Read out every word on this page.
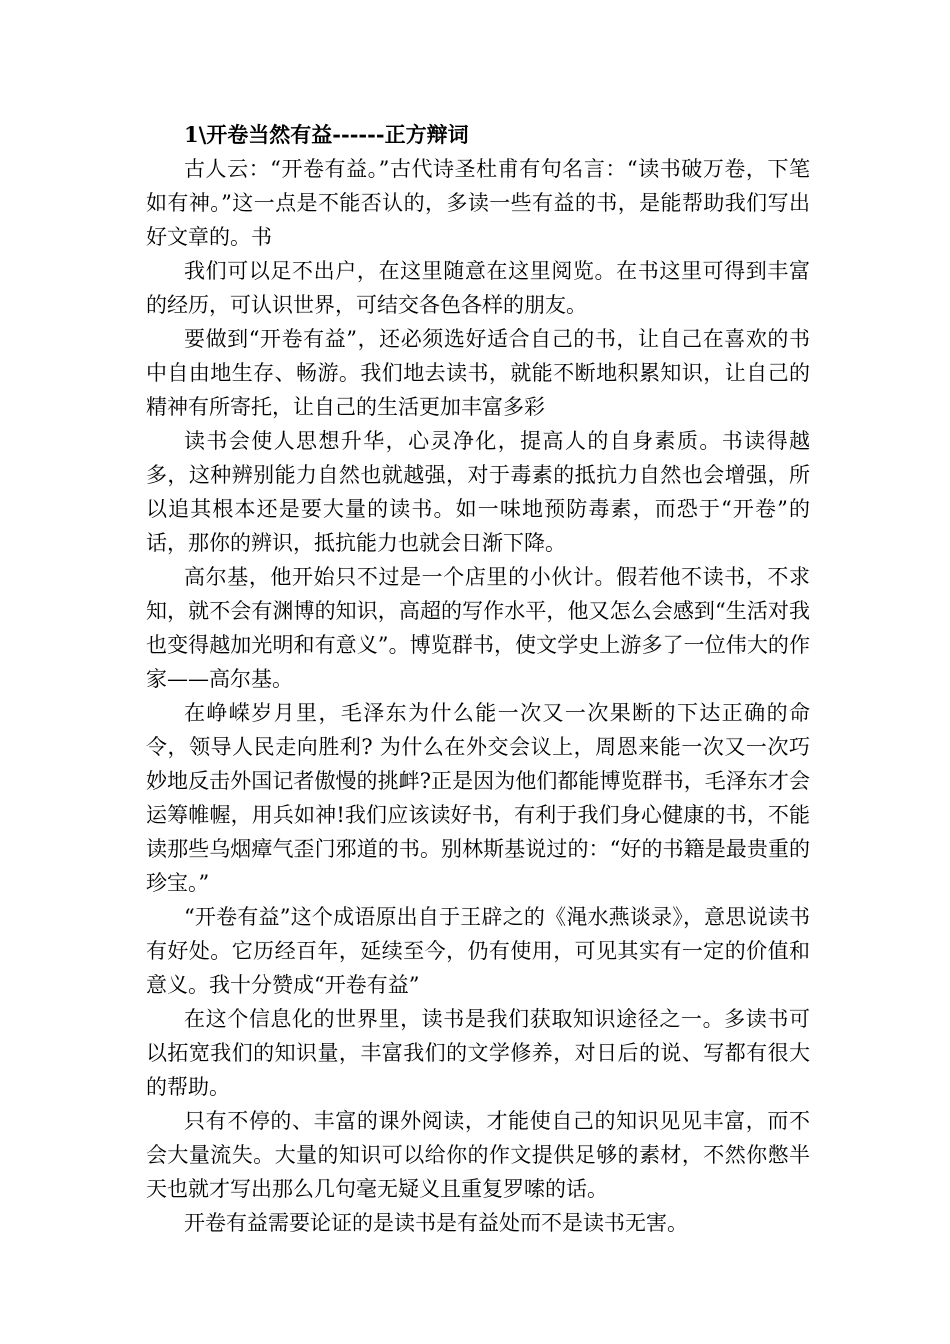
1\开卷当然有益------正方辩词

古人云：“开卷有益。”古代诗圣杜甫有句名言：“读书破万卷，下笔如有神。”这一点是不能否认的，多读一些有益的书，是能帮助我们写出好文章的。书

我们可以足不出户，在这里随意在这里阅览。在书这里可得到丰富的经历，可认识世界，可结交各色各样的朋友。

要做到“开卷有益”，还必须选好适合自己的书，让自己在喜欢的书中自由地生存、畅游。我们地去读书，就能不断地积累知识，让自己的精神有所寄托，让自己的生活更加丰富多彩

读书会使人思想升华，心灵净化，提高人的自身素质。书读得越多，这种辨别能力自然也就越强，对于毒素的抵抗力自然也会增强，所以追其根本还是要大量的读书。如一味地预防毒素，而恐于“开卷”的话，那你的辨识，抵抗能力也就会日渐下降。

高尔基，他开始只不过是一个店里的小伙计。假若他不读书，不求知，就不会有渊博的知识，高超的写作水平，他又怎么会感到“生活对我也变得越加光明和有意义”。博览群书，使文学史上游多了一位伟大的作家——高尔基。

在峥嵘岁月里，毛泽东为什么能一次又一次果断的下达正确的命令，领导人民走向胜利? 为什么在外交会议上，周恩来能一次又一次巧妙地反击外国记者傲慢的挑衅?正是因为他们都能博览群书，毛泽东才会运筹帷幄，用兵如神!我们应该读好书，有利于我们身心健康的书，不能读那些乌烟瘴气歪门邪道的书。别林斯基说过的：“好的书籍是最贵重的珍宝。”

“开卷有益”这个成语原出自于王辟之的《渑水燕谈录》，意思说读书有好处。它历经百年，延续至今，仍有使用，可见其实有一定的价值和意义。我十分赞成“开卷有益”

在这个信息化的世界里，读书是我们获取知识途径之一。多读书可以拓宽我们的知识量，丰富我们的文学修养，对日后的说、写都有很大的帮助。

只有不停的、丰富的课外阅读，才能使自己的知识见见丰富，而不会大量流失。大量的知识可以给你的作文提供足够的素材，不然你憋半天也就才写出那么几句毫无疑义且重复罗嗦的话。

开卷有益需要论证的是读书是有益处而不是读书无害。
